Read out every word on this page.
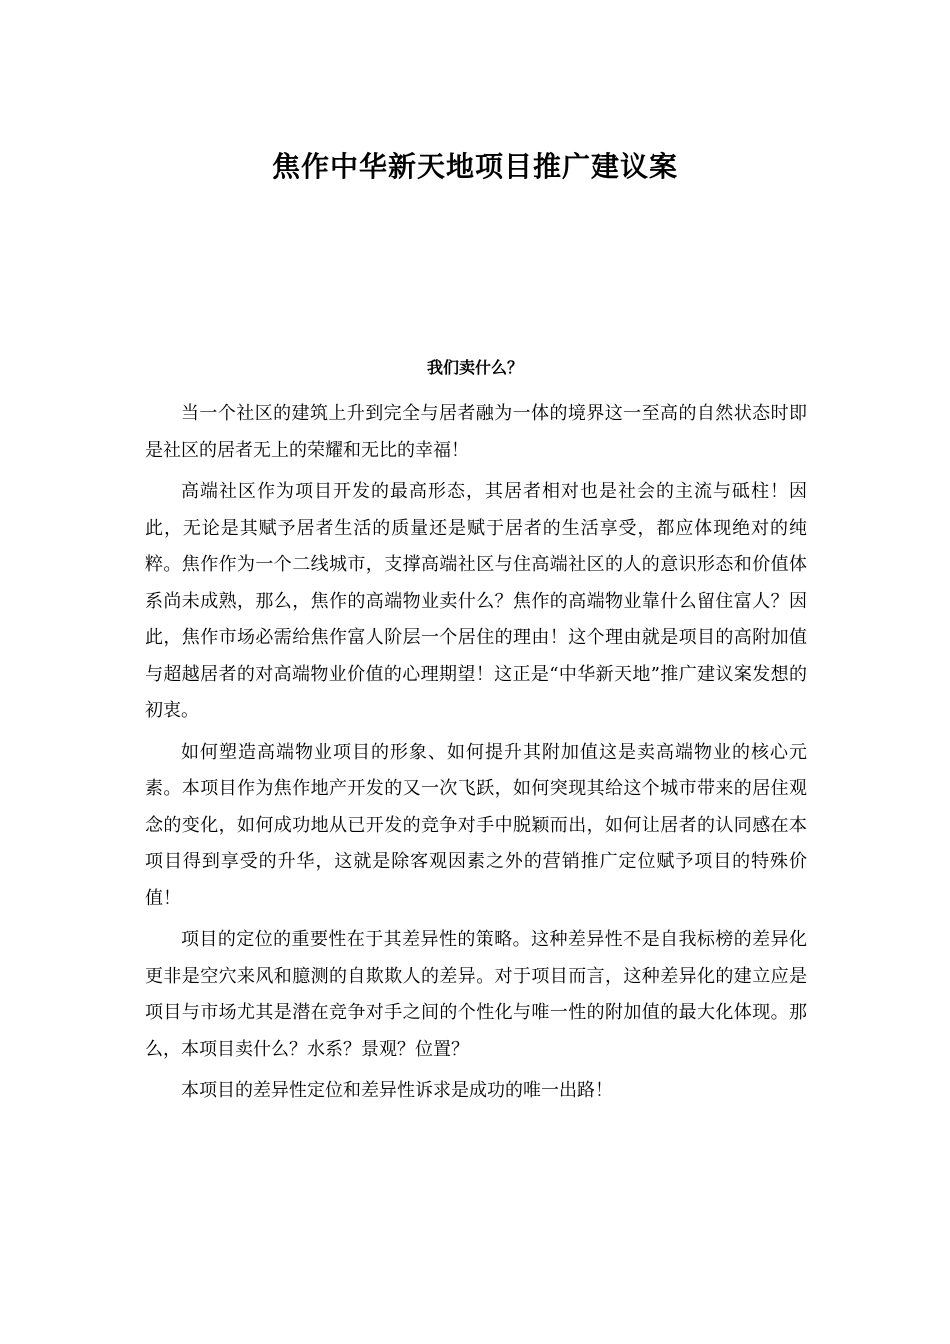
焦作中华新天地项目推广建议案
我们卖什么？

当一个社区的建筑上升到完全与居者融为一体的境界这一至高的自然状态时即是社区的居者无上的荣耀和无比的幸福！

高端社区作为项目开发的最高形态，其居者相对也是社会的主流与砥柱！因此，无论是其赋予居者生活的质量还是赋于居者的生活享受，都应体现绝对的纯粹。焦作作为一个二线城市，支撑高端社区与住高端社区的人的意识形态和价值体系尚未成熟，那么，焦作的高端物业卖什么？焦作的高端物业靠什么留住富人？因此，焦作市场必需给焦作富人阶层一个居住的理由！这个理由就是项目的高附加值与超越居者的对高端物业价值的心理期望！这正是“中华新天地”推广建议案发想的初衷。

如何塑造高端物业项目的形象、如何提升其附加值这是卖高端物业的核心元素。本项目作为焦作地产开发的又一次飞跃，如何突现其给这个城市带来的居住观念的变化，如何成功地从已开发的竞争对手中脱颖而出，如何让居者的认同感在本项目得到享受的升华，这就是除客观因素之外的营销推广定位赋予项目的特殊价值！

项目的定位的重要性在于其差异性的策略。这种差异性不是自我标榜的差异化更非是空穴来风和臆测的自欺欺人的差异。对于项目而言，这种差异化的建立应是项目与市场尤其是潜在竞争对手之间的个性化与唯一性的附加值的最大化体现。那么，本项目卖什么？水系？景观？位置？

本项目的差异性定位和差异性诉求是成功的唯一出路！
